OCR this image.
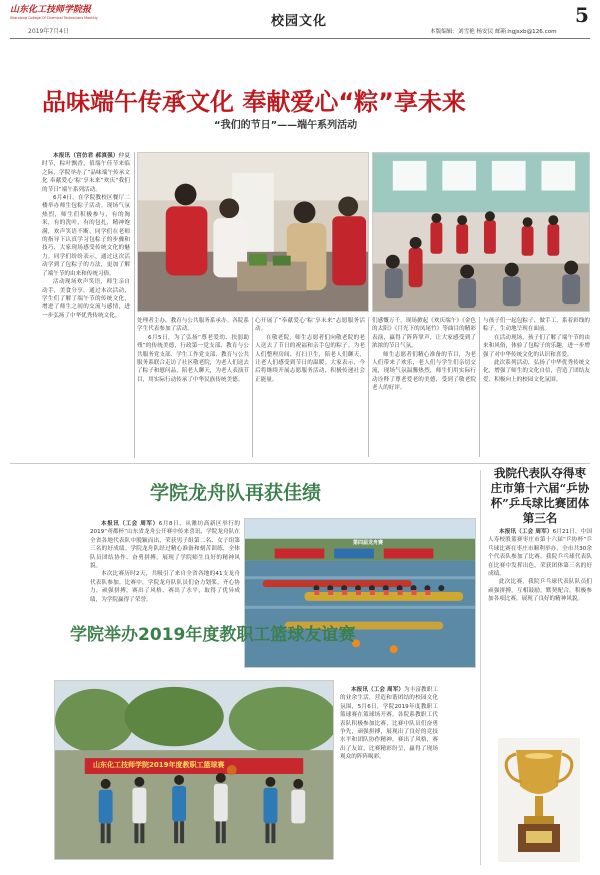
山东化工技师学院报
Shandong College Of Chemical Technicians Monthly
2019年7月4日
校园文化	5
本版编辑：刘雪艳 杨安民 邮箱:hgjsxb@126.com
品味端午传承文化 奉献爱心“粽”享未来
“我们的节日”——端午系列活动

本报讯（宫仿君 郝滇强）仲夏时节，粽叶飘香，值端午佳节来临之际，学院举办了“品味端午传承文化 奉献爱心‘粽’享未来”欢庆“我们的节日”端午系列活动。

6月4日，在学院教校区餐厅二楼举办师生包粽子活动。现场气氛热烈，师生们积极参与，有的淘米，有的洗叶，有的包扎，精神饱满，欢声笑语不断。同学们在老师的指导下认真学习包粽子的步骤和技巧，大家现场感受传统文化的魅力。同学们纷纷表示，通过这次活动学到了包粽子的方法，更加了解了端午节的由来和传统习俗。

活动现场欢声笑语，师生亲自动手，美食分享。通过本次活动，学生们了解了端午节的传统文化，增进了师生之间的交流与感情，进一步弘扬了中华优秀传统文化。

处理者主办，教育与公共服务系承办。各院系学生代表参加了活动。

6月5日，为了弘扬“尊老爱幼、扶弱助残”的传统美德，行政第一党支部、教育与公共服务党支部、学生工作党支部、教育与公共服务系联合走访了社区敬老院，为老人们送去了粽子和慰问品，陪老人聊天，为老人表演节目，用实际行动传承了中华民族传统美德。

心开展了“奉献爱心‘粽’享未来”志愿服务活动。

在敬老院，师生志愿者们向敬老院的老人送去了节日的祝福和亲手包的粽子。为老人们整理房间、打扫卫生，陪老人们聊天，让老人们感受到节日的温暖。大家表示，今后将继续开展志愿服务活动，积极传递社会正能量。

们感慨万千。现场掀起《欢庆端午》《金色的太阳》《月光下的凤尾竹》等曲目的精彩表演，赢得了阵阵掌声，让大家感受到了浓浓的节日气氛。

师生志愿者们精心准备的节目，为老人们带来了欢乐，老人们与学生们亲切交流，现场气氛温馨热烈，师生们用实际行动诠释了尊老爱老的美德，受到了敬老院老人的好评。

与孩子们一起包粽子、做手工，系着彩线的粽子，生动地呈现在面前。

在活动现场，孩子们了解了端午节的由来和风俗，体验了包粽子的乐趣，进一步增强了对中华传统文化的认识和喜爱。

此次系列活动，弘扬了中华优秀传统文化，增强了师生的文化自信，营造了团结友爱、积极向上的校园文化氛围。

学院龙舟队再获佳绩

本报讯（工会 周军）6月8日，从潍坊高新区举行的2019“鸢都杯”山东省龙舟公开赛中传来喜讯，学院龙舟队在全省各地代表队中脱颖而出，荣获男子组第二名、女子组第三名的好成绩。学院龙舟队经过精心准备和刻苦训练，全体队员团结协作、奋勇拼搏，展现了学院师生良好的精神风貌。

本次比赛历时2天，共吸引了来自全省各地的41支龙舟代表队参加。比赛中，学院龙舟队队员们奋力划桨，齐心协力，顽强拼搏，赛出了风格、赛出了水平，取得了优异成绩，为学院赢得了荣誉。

第四届龙舟赛
学院举办2019年度教职工篮球友谊赛
山东化工技师学院2019年度教职工篮球赛

本报讯（工会 周军）为丰富教职工的业余生活，营造和谐团结的校园文化氛围，5月6日，学院2019年度教职工篮球赛在篮球场开赛。各院系教职工代表队积极参加比赛，比赛中队员们奋勇争先，顽强拼搏，展现出了良好的竞技水平和团队协作精神，赛出了风格，赛出了友谊，比赛精彩纷呈，赢得了现场观众的阵阵喝彩。

我院代表队夺得枣庄市第十六届“乒协杯”乒乓球比赛团体第三名

本报讯（工会 周军）6月21日，中国人寿校股篮赛枣庄市第十六届“乒协杯”乒乓球比赛在枣庄市顺利举办，全市共30余个代表队参加了比赛，我院乒乓球代表队在比赛中发挥出色，荣获团体第三名的好成绩。

此次比赛，我院乒乓球代表队队员们顽强拼搏，互相鼓励，默契配合，积极参加各项比赛，展现了良好的精神风貌。
